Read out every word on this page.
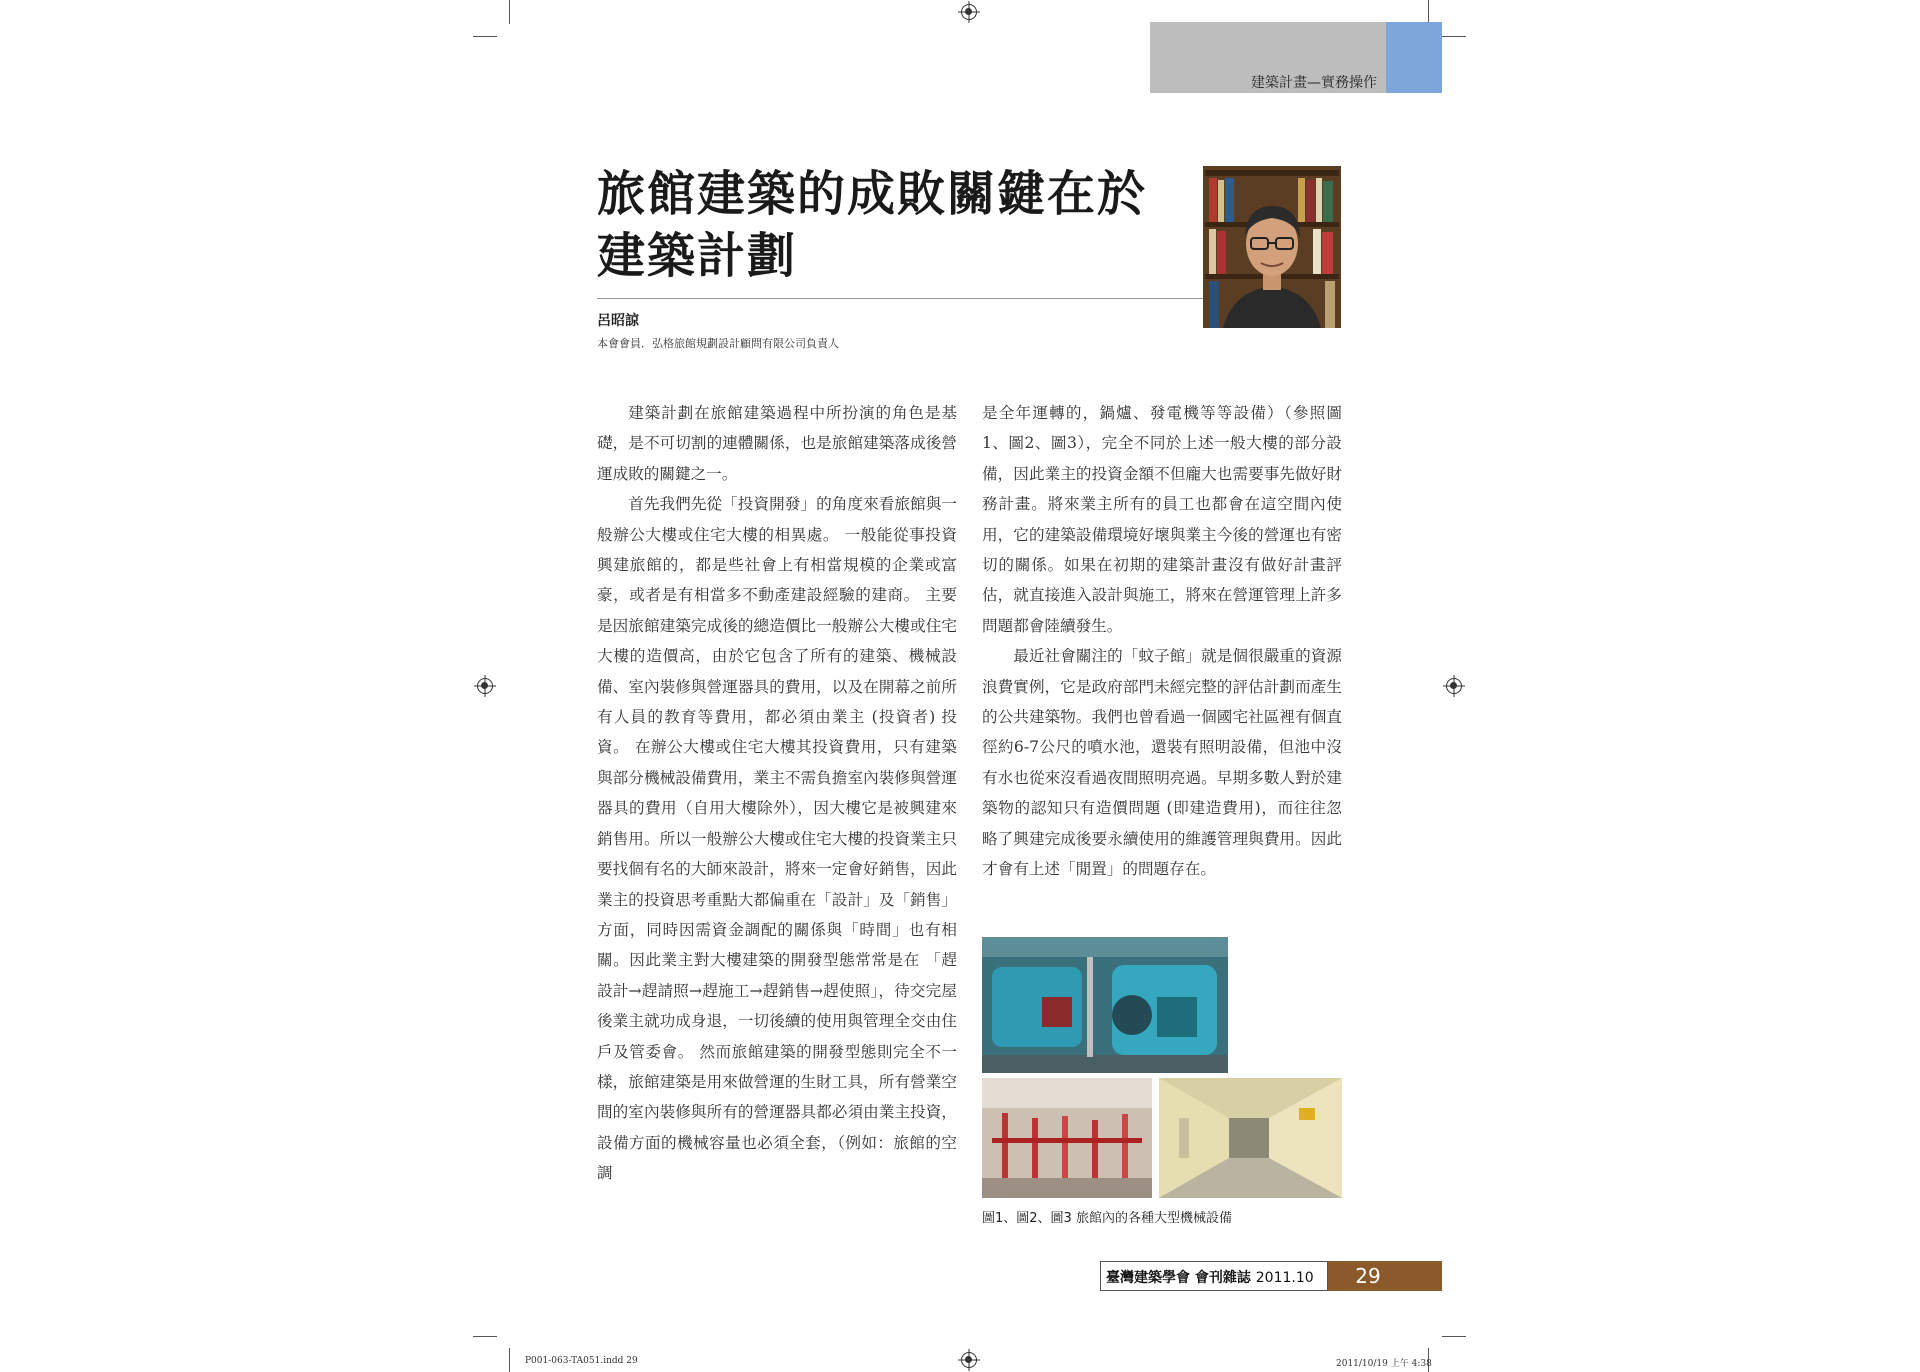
建築計畫—實務操作
旅館建築的成敗關鍵在於
建築計劃
呂昭諒
本會會員．弘格旅館規劃設計顧問有限公司負責人

建築計劃在旅館建築過程中所扮演的角色是基礎，是不可切割的連體關係，也是旅館建築落成後營運成敗的關鍵之一。

首先我們先從「投資開發」的角度來看旅館與一般辦公大樓或住宅大樓的相異處。 一般能從事投資興建旅館的，都是些社會上有相當規模的企業或富豪，或者是有相當多不動產建設經驗的建商。 主要是因旅館建築完成後的總造價比一般辦公大樓或住宅大樓的造價高，由於它包含了所有的建築、機械設備、室內裝修與營運器具的費用，以及在開幕之前所有人員的教育等費用，都必須由業主 (投資者) 投資。 在辦公大樓或住宅大樓其投資費用，只有建築與部分機械設備費用，業主不需負擔室內裝修與營運器具的費用（自用大樓除外），因大樓它是被興建來銷售用。所以一般辦公大樓或住宅大樓的投資業主只要找個有名的大師來設計，將來一定會好銷售，因此業主的投資思考重點大都偏重在「設計」及「銷售」方面，同時因需資金調配的關係與「時間」也有相關。因此業主對大樓建築的開發型態常常是在 「趕設計→趕請照→趕施工→趕銷售→趕使照」，待交完屋後業主就功成身退，一切後續的使用與管理全交由住戶及管委會。 然而旅館建築的開發型態則完全不一樣，旅館建築是用來做營運的生財工具，所有營業空間的室內裝修與所有的營運器具都必須由業主投資，設備方面的機械容量也必須全套，（例如：旅館的空調

是全年運轉的，鍋爐、發電機等等設備）（參照圖1、圖2、圖3），完全不同於上述一般大樓的部分設備，因此業主的投資金額不但龐大也需要事先做好財務計畫。將來業主所有的員工也都會在這空間內使用，它的建築設備環境好壞與業主今後的營運也有密切的關係。如果在初期的建築計畫沒有做好計畫評估，就直接進入設計與施工，將來在營運管理上許多問題都會陸續發生。

最近社會關注的「蚊子館」就是個很嚴重的資源浪費實例，它是政府部門未經完整的評估計劃而產生的公共建築物。我們也曾看過一個國宅社區裡有個直徑約6-7公尺的噴水池，還裝有照明設備，但池中沒有水也從來沒看過夜間照明亮過。早期多數人對於建築物的認知只有造價問題 (即建造費用)，而往往忽略了興建完成後要永續使用的維護管理與費用。因此才會有上述「閒置」的問題存在。

圖1、圖2、圖3 旅館內的各種大型機械設備
臺灣建築學會 會刊雜誌 2011.10	29
P001-063-TA051.indd 29	2011/10/19 上午 4:38
